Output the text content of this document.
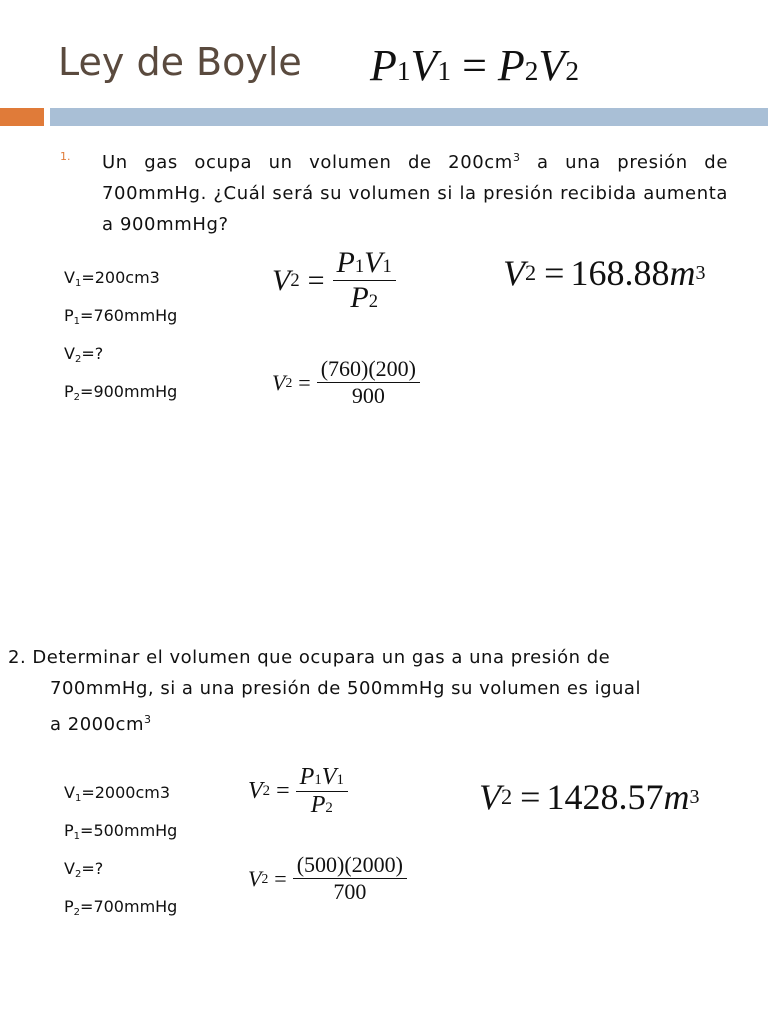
Ley de Boyle P1V1 = P2V2
1. Un gas ocupa un volumen de $200cm^3$ a una presión de 700mmHg. ¿Cuál será su volumen si la presión recibida aumenta a 900mmHg?
$V_1=200cm3$
$P_1=760mmHg$
$V_2=$?
$P_2=900mmHg$
V $2 = \frac{P1V1}{P2}$	V 2 = 168.88 m 3
V $2 = \frac{(760)(200)}{900}$
2. Determinar el volumen que ocupara un gas a una presión de
700mmHg, si a una presión de 500mmHg su volumen es igual
a $2000cm^3$
$V_1=2000cm3$
$P_1=500mmHg$
$V_2=$?
$P_2=700mmHg$
V $2 = \frac{P1V1}{P2}$	V 2 = 1428.57 m 3
V $2 = \frac{(500)(2000)}{700}$
